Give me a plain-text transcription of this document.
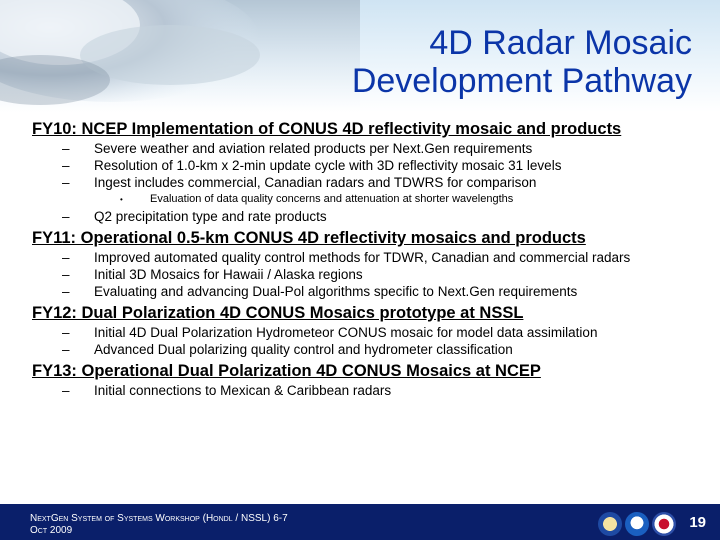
4D Radar Mosaic
Development Pathway

FY10: NCEP Implementation of CONUS 4D reflectivity mosaic and products

– Severe weather and aviation related products per Next.Gen requirements
– Resolution of 1.0-km x 2-min update cycle with 3D reflectivity mosaic 31 levels
– Ingest includes commercial, Canadian radars and TDWRS for comparison
• Evaluation of data quality concerns and attenuation at shorter wavelengths
– Q2 precipitation type and rate products

FY11: Operational 0.5-km CONUS 4D reflectivity mosaics and products

– Improved automated quality control methods for TDWR, Canadian and commercial radars
– Initial 3D Mosaics for Hawaii / Alaska regions
– Evaluating and advancing Dual-Pol algorithms specific to Next.Gen requirements

FY12: Dual Polarization 4D CONUS Mosaics prototype at NSSL

– Initial 4D Dual Polarization Hydrometeor CONUS mosaic for model data assimilation
– Advanced Dual polarizing quality control and hydrometer classification

FY13: Operational Dual Polarization 4D CONUS Mosaics at NCEP

– Initial connections to Mexican & Caribbean radars
NextGen System of Systems Workshop (Hondl / NSSL) 6-7
Oct 2009	19
